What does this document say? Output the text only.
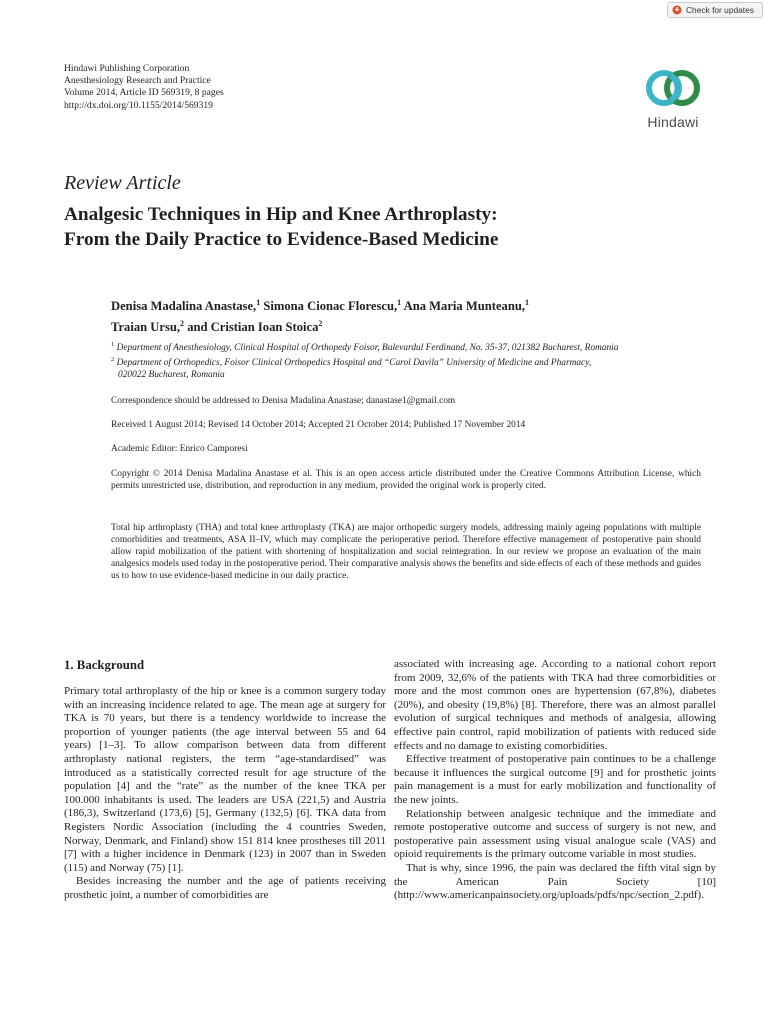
Check for updates
Hindawi Publishing Corporation
Anesthesiology Research and Practice
Volume 2014, Article ID 569319, 8 pages
http://dx.doi.org/10.1155/2014/569319
Hindawi
Review Article
Analgesic Techniques in Hip and Knee Arthroplasty:
From the Daily Practice to Evidence-Based Medicine
Denisa Madalina Anastase,$^1$ Simona Cionac Florescu,$^1$ Ana Maria Munteanu,$^1$
Traian Ursu,$^2$ and Cristian Ioan Stoica$^2$
$^1$ Department of Anesthesiology, Clinical Hospital of Orthopedy Foisor, Bulevardul Ferdinand, No. 35-37, 021382 Bucharest, Romania
$^2$ Department of Orthopedics, Foisor Clinical Orthopedics Hospital and “Carol Davila” University of Medicine and Pharmacy,
020022 Bucharest, Romania
Correspondence should be addressed to Denisa Madalina Anastase; danastase1@gmail.com
Received 1 August 2014; Revised 14 October 2014; Accepted 21 October 2014; Published 17 November 2014
Academic Editor: Enrico Camporesi
Copyright © 2014 Denisa Madalina Anastase et al. This is an open access article distributed under the Creative Commons Attribution License, which permits unrestricted use, distribution, and reproduction in any medium, provided the original work is properly cited.
Total hip arthroplasty (THA) and total knee arthroplasty (TKA) are major orthopedic surgery models, addressing mainly ageing populations with multiple comorbidities and treatments, ASA II–IV, which may complicate the perioperative period. Therefore effective management of postoperative pain should allow rapid mobilization of the patient with shortening of hospitalization and social reintegration. In our review we propose an evaluation of the main analgesics models used today in the postoperative period. Their comparative analysis shows the benefits and side effects of each of these methods and guides us to how to use evidence-based medicine in our daily practice.
1. Background

Primary total arthroplasty of the hip or knee is a common surgery today with an increasing incidence related to age. The mean age at surgery for TKA is 70 years, but there is a tendency worldwide to increase the proportion of younger patients (the age interval between 55 and 64 years) [1–3]. To allow comparison between data from different arthroplasty national registers, the term “age-standardised” was introduced as a statistically corrected result for age structure of the population [4] and the “rate” as the number of the knee TKA per 100.000 inhabitants is used. The leaders are USA (221,5) and Austria (186,3), Switzerland (173,6) [5], Germany (132,5) [6]. TKA data from Registers Nordic Association (including the 4 countries Sweden, Norway, Denmark, and Finland) show 151 814 knee prostheses till 2011 [7] with a higher incidence in Denmark (123) in 2007 than in Sweden (115) and Norway (75) [1].

Besides increasing the number and the age of patients receiving prosthetic joint, a number of comorbidities are

associated with increasing age. According to a national cohort report from 2009, 32,6% of the patients with TKA had three comorbidities or more and the most common ones are hypertension (67,8%), diabetes (20%), and obesity (19,8%) [8]. Therefore, there was an almost parallel evolution of surgical techniques and methods of analgesia, allowing effective pain control, rapid mobilization of patients with reduced side effects and no damage to existing comorbidities.

Effective treatment of postoperative pain continues to be a challenge because it influences the surgical outcome [9] and for prosthetic joints pain management is a must for early mobilization and functionality of the new joints.

Relationship between analgesic technique and the immediate and remote postoperative outcome and success of surgery is not new, and postoperative pain assessment using visual analogue scale (VAS) and opioid requirements is the primary outcome variable in most studies.

That is why, since 1996, the pain was declared the fifth vital sign by the American Pain Society [10] (http://www.americanpainsociety.org/uploads/pdfs/npc/section_2.pdf).
